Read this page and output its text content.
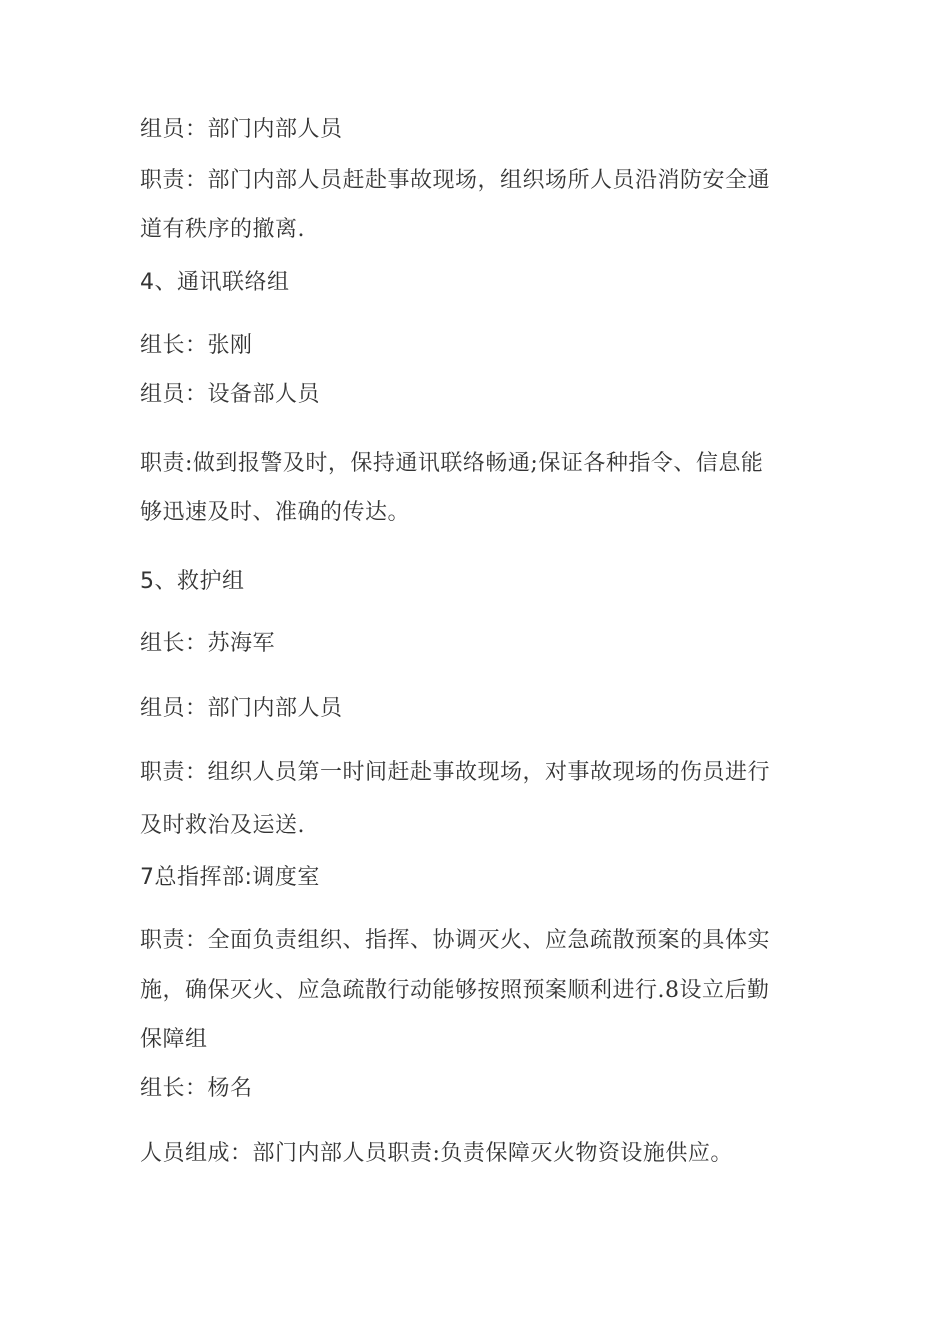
组员：部门内部人员
职责：部门内部人员赶赴事故现场，组织场所人员沿消防安全通
道有秩序的撤离.
4、通讯联络组
组长：张刚
组员：设备部人员
职责:做到报警及时，保持通讯联络畅通;保证各种指令、信息能
够迅速及时、准确的传达。
5、救护组
组长：苏海军
组员：部门内部人员
职责：组织人员第一时间赶赴事故现场，对事故现场的伤员进行
及时救治及运送.
7总指挥部:调度室
职责：全面负责组织、指挥、协调灭火、应急疏散预案的具体实
施，确保灭火、应急疏散行动能够按照预案顺利进行.8设立后勤
保障组
组长：杨名
人员组成：部门内部人员职责:负责保障灭火物资设施供应。
